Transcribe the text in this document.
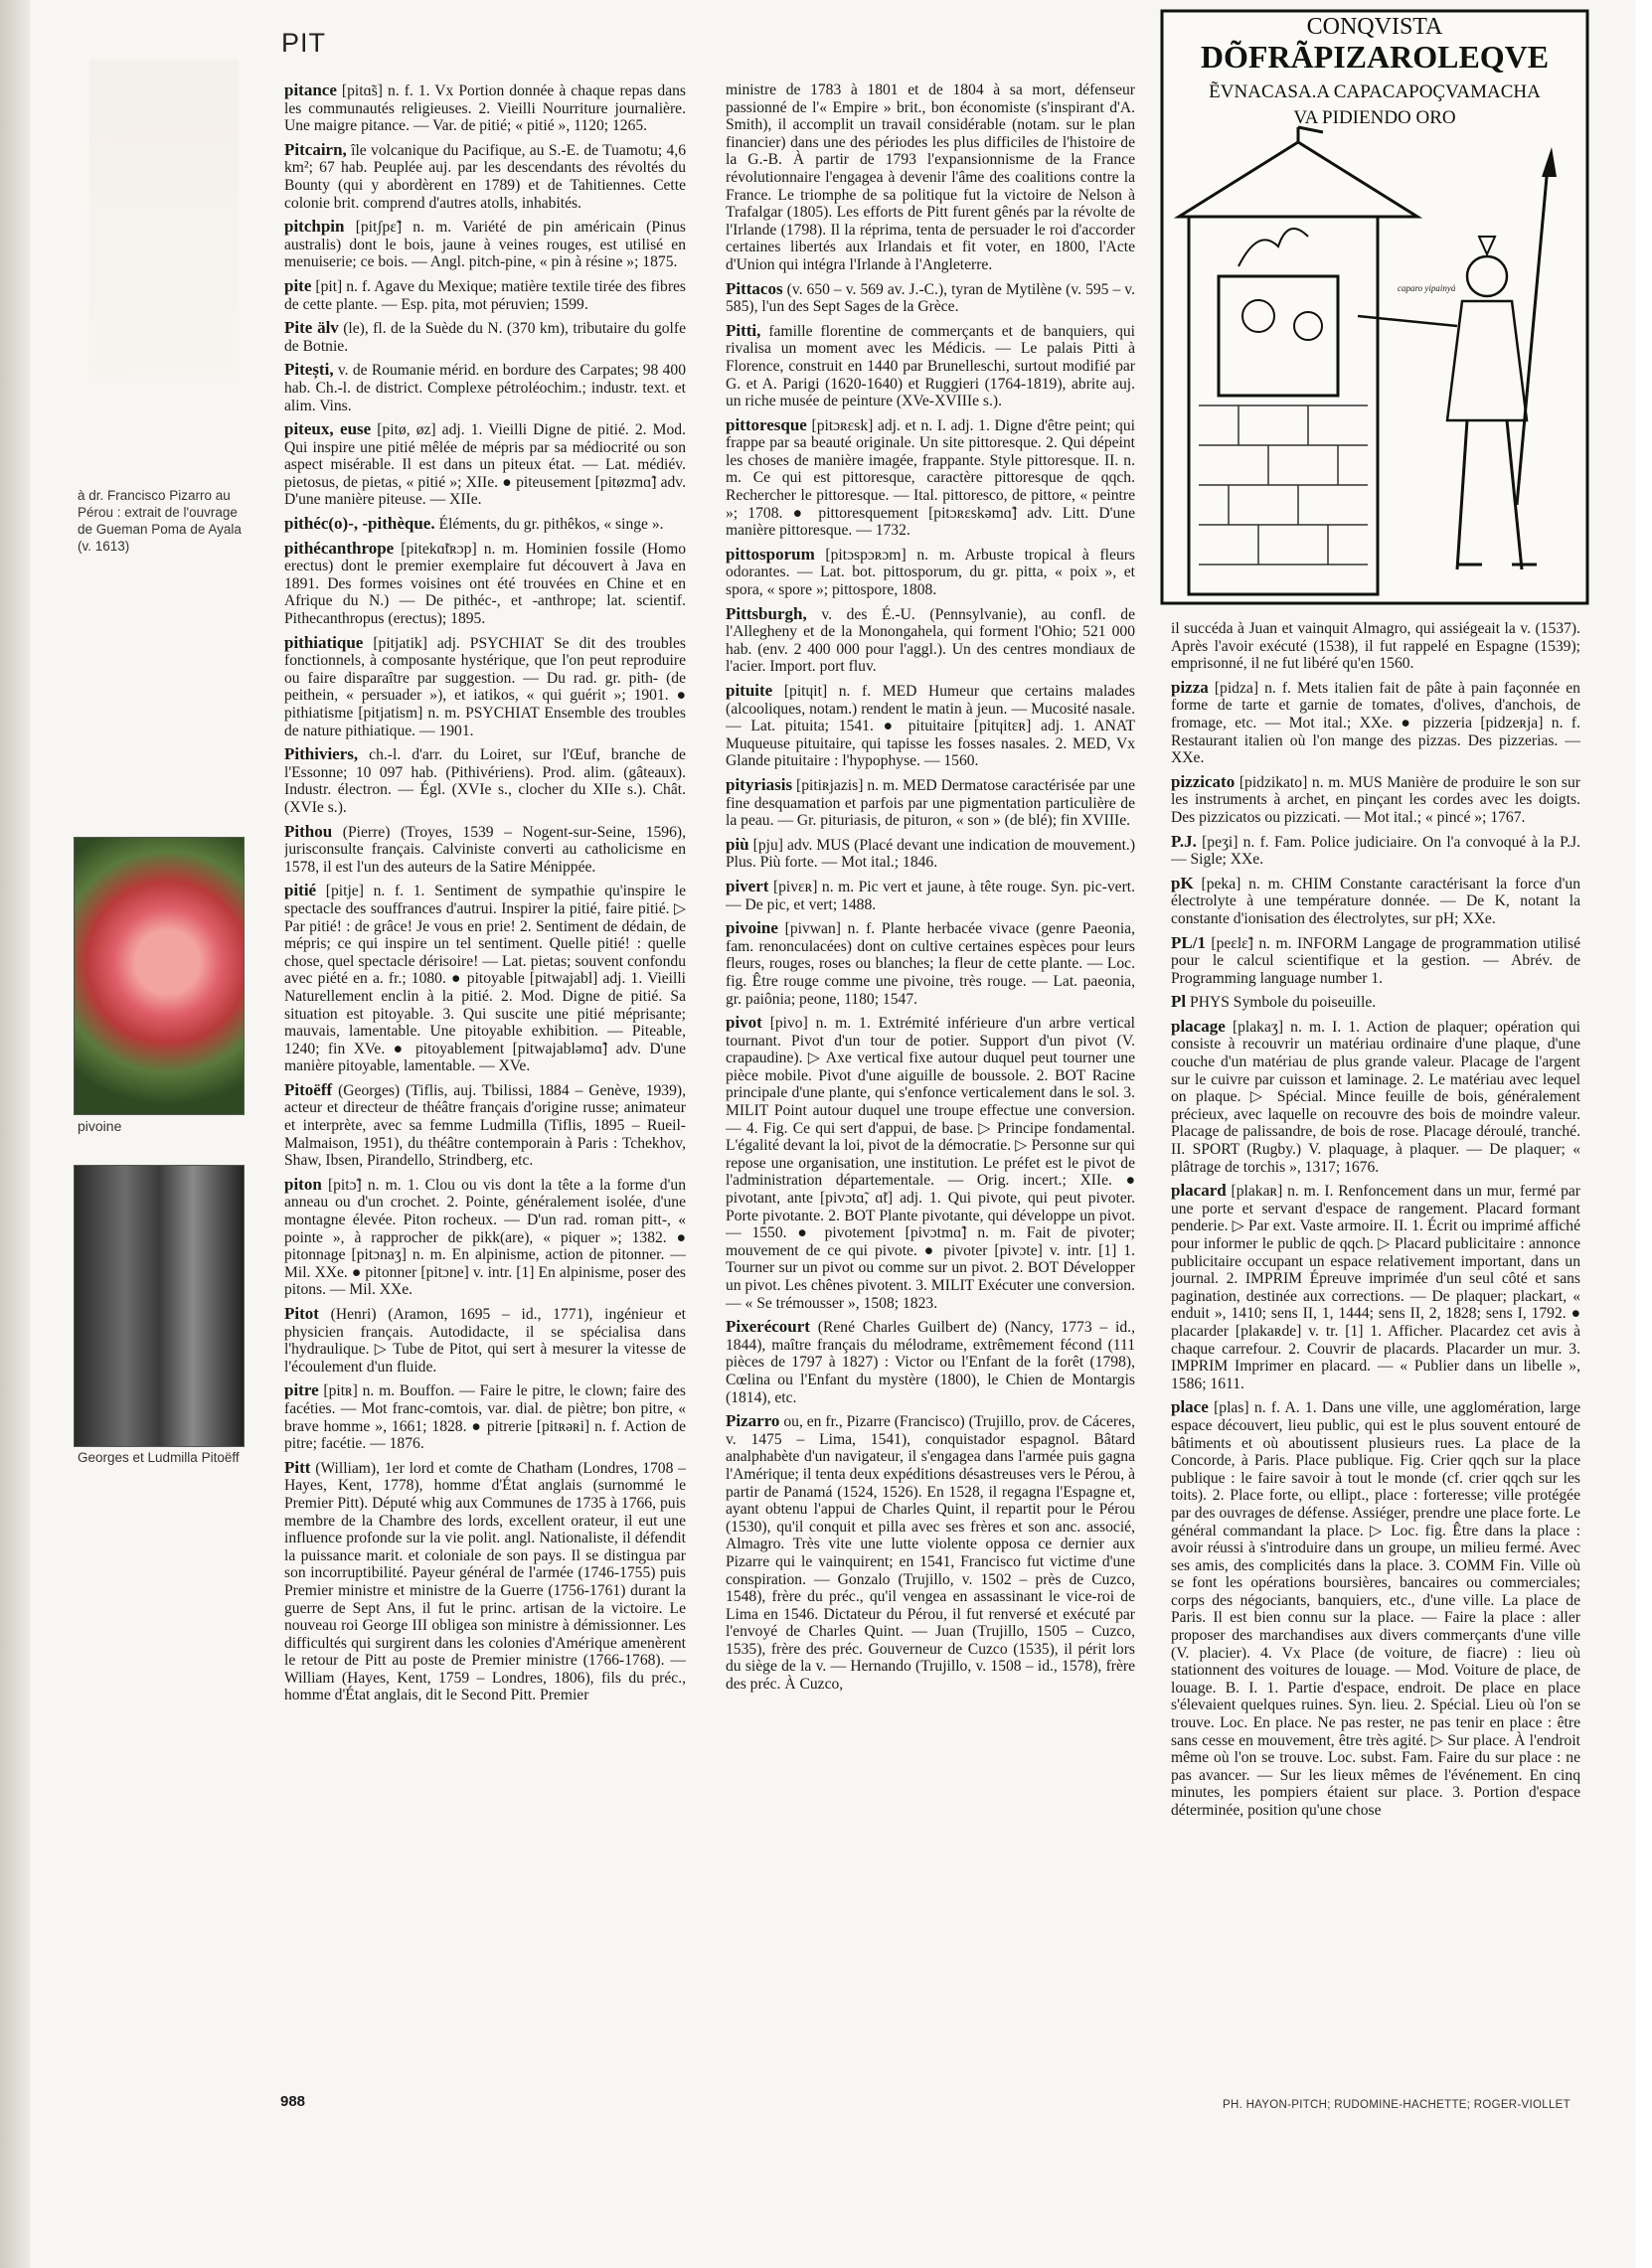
PIT
à dr. Francisco Pizarro au Pérou : extrait de l'ouvrage de Gueman Poma de Ayala (v. 1613)
pivoine
Georges et Ludmilla Pitoëff

pitance [pitɑ̃s] n. f. 1. Vx Portion donnée à chaque repas dans les communautés religieuses. 2. Vieilli Nourriture journalière. Une maigre pitance. — Var. de pitié; « pitié », 1120; 1265.

Pitcairn, île volcanique du Pacifique, au S.-E. de Tuamotu; 4,6 km²; 67 hab. Peuplée auj. par les descendants des révoltés du Bounty (qui y abordèrent en 1789) et de Tahitiennes. Cette colonie brit. comprend d'autres atolls, inhabités.

pitchpin [pitʃpɛ̃] n. m. Variété de pin américain (Pinus australis) dont le bois, jaune à veines rouges, est utilisé en menuiserie; ce bois. — Angl. pitch-pine, « pin à résine »; 1875.

pite [pit] n. f. Agave du Mexique; matière textile tirée des fibres de cette plante. — Esp. pita, mot péruvien; 1599.

Pite älv (le), fl. de la Suède du N. (370 km), tributaire du golfe de Botnie.

Pitești, v. de Roumanie mérid. en bordure des Carpates; 98 400 hab. Ch.-l. de district. Complexe pétroléochim.; industr. text. et alim. Vins.

piteux, euse [pitø, øz] adj. 1. Vieilli Digne de pitié. 2. Mod. Qui inspire une pitié mêlée de mépris par sa médiocrité ou son aspect misérable. Il est dans un piteux état. — Lat. médiév. pietosus, de pietas, « pitié »; XIIe. ● piteusement [pitøzmɑ̃] adv. D'une manière piteuse. — XIIe.

pithéc(o)-, -pithèque. Éléments, du gr. pithêkos, « singe ».

pithécanthrope [pitekɑ̃tʀɔp] n. m. Hominien fossile (Homo erectus) dont le premier exemplaire fut découvert à Java en 1891. Des formes voisines ont été trouvées en Chine et en Afrique du N.) — De pithéc-, et -anthrope; lat. scientif. Pithecanthropus (erectus); 1895.

pithiatique [pitjatik] adj. PSYCHIAT Se dit des troubles fonctionnels, à composante hystérique, que l'on peut reproduire ou faire disparaître par suggestion. — Du rad. gr. pith- (de peithein, « persuader »), et iatikos, « qui guérit »; 1901. ● pithiatisme [pitjatism] n. m. PSYCHIAT Ensemble des troubles de nature pithiatique. — 1901.

Pithiviers, ch.-l. d'arr. du Loiret, sur l'Œuf, branche de l'Essonne; 10 097 hab. (Pithivériens). Prod. alim. (gâteaux). Industr. électron. — Égl. (XVIe s., clocher du XIIe s.). Chât. (XVIe s.).

Pithou (Pierre) (Troyes, 1539 – Nogent-sur-Seine, 1596), jurisconsulte français. Calviniste converti au catholicisme en 1578, il est l'un des auteurs de la Satire Ménippée.

pitié [pitje] n. f. 1. Sentiment de sympathie qu'inspire le spectacle des souffrances d'autrui. Inspirer la pitié, faire pitié. ▷ Par pitié! : de grâce! Je vous en prie! 2. Sentiment de dédain, de mépris; ce qui inspire un tel sentiment. Quelle pitié! : quelle chose, quel spectacle dérisoire! — Lat. pietas; souvent confondu avec piété en a. fr.; 1080. ● pitoyable [pitwajabl] adj. 1. Vieilli Naturellement enclin à la pitié. 2. Mod. Digne de pitié. Sa situation est pitoyable. 3. Qui suscite une pitié méprisante; mauvais, lamentable. Une pitoyable exhibition. — Piteable, 1240; fin XVe. ● pitoyablement [pitwajabləmɑ̃] adv. D'une manière pitoyable, lamentable. — XVe.

Pitoëff (Georges) (Tiflis, auj. Tbilissi, 1884 – Genève, 1939), acteur et directeur de théâtre français d'origine russe; animateur et interprète, avec sa femme Ludmilla (Tiflis, 1895 – Rueil-Malmaison, 1951), du théâtre contemporain à Paris : Tchekhov, Shaw, Ibsen, Pirandello, Strindberg, etc.

piton [pitɔ̃] n. m. 1. Clou ou vis dont la tête a la forme d'un anneau ou d'un crochet. 2. Pointe, généralement isolée, d'une montagne élevée. Piton rocheux. — D'un rad. roman pitt-, « pointe », à rapprocher de pikk(are), « piquer »; 1382. ● pitonnage [pitɔnaʒ] n. m. En alpinisme, action de pitonner. — Mil. XXe. ● pitonner [pitɔne] v. intr. [1] En alpinisme, poser des pitons. — Mil. XXe.

Pitot (Henri) (Aramon, 1695 – id., 1771), ingénieur et physicien français. Autodidacte, il se spécialisa dans l'hydraulique. ▷ Tube de Pitot, qui sert à mesurer la vitesse de l'écoulement d'un fluide.

pitre [pitʀ] n. m. Bouffon. — Faire le pitre, le clown; faire des facéties. — Mot franc-comtois, var. dial. de piètre; bon pitre, « brave homme », 1661; 1828. ● pitrerie [pitʀəʀi] n. f. Action de pitre; facétie. — 1876.

Pitt (William), 1er lord et comte de Chatham (Londres, 1708 – Hayes, Kent, 1778), homme d'État anglais (surnommé le Premier Pitt). Député whig aux Communes de 1735 à 1766, puis membre de la Chambre des lords, excellent orateur, il eut une influence profonde sur la vie polit. angl. Nationaliste, il défendit la puissance marit. et coloniale de son pays. Il se distingua par son incorruptibilité. Payeur général de l'armée (1746-1755) puis Premier ministre et ministre de la Guerre (1756-1761) durant la guerre de Sept Ans, il fut le princ. artisan de la victoire. Le nouveau roi George III obligea son ministre à démissionner. Les difficultés qui surgirent dans les colonies d'Amérique amenèrent le retour de Pitt au poste de Premier ministre (1766-1768). — William (Hayes, Kent, 1759 – Londres, 1806), fils du préc., homme d'État anglais, dit le Second Pitt. Premier

ministre de 1783 à 1801 et de 1804 à sa mort, défenseur passionné de l'« Empire » brit., bon économiste (s'inspirant d'A. Smith), il accomplit un travail considérable (notam. sur le plan financier) dans une des périodes les plus difficiles de l'histoire de la G.-B. À partir de 1793 l'expansionnisme de la France révolutionnaire l'engagea à devenir l'âme des coalitions contre la France. Le triomphe de sa politique fut la victoire de Nelson à Trafalgar (1805). Les efforts de Pitt furent gênés par la révolte de l'Irlande (1798). Il la réprima, tenta de persuader le roi d'accorder certaines libertés aux Irlandais et fit voter, en 1800, l'Acte d'Union qui intégra l'Irlande à l'Angleterre.

Pittacos (v. 650 – v. 569 av. J.-C.), tyran de Mytilène (v. 595 – v. 585), l'un des Sept Sages de la Grèce.

Pitti, famille florentine de commerçants et de banquiers, qui rivalisa un moment avec les Médicis. — Le palais Pitti à Florence, construit en 1440 par Brunelleschi, surtout modifié par G. et A. Parigi (1620-1640) et Ruggieri (1764-1819), abrite auj. un riche musée de peinture (XVe-XVIIIe s.).

pittoresque [pitɔʀɛsk] adj. et n. I. adj. 1. Digne d'être peint; qui frappe par sa beauté originale. Un site pittoresque. 2. Qui dépeint les choses de manière imagée, frappante. Style pittoresque. II. n. m. Ce qui est pittoresque, caractère pittoresque de qqch. Rechercher le pittoresque. — Ital. pittoresco, de pittore, « peintre »; 1708. ● pittoresquement [pitɔʀɛskəmɑ̃] adv. Litt. D'une manière pittoresque. — 1732.

pittosporum [pitɔspɔʀɔm] n. m. Arbuste tropical à fleurs odorantes. — Lat. bot. pittosporum, du gr. pitta, « poix », et spora, « spore »; pittospore, 1808.

Pittsburgh, v. des É.-U. (Pennsylvanie), au confl. de l'Allegheny et de la Monongahela, qui forment l'Ohio; 521 000 hab. (env. 2 400 000 pour l'aggl.). Un des centres mondiaux de l'acier. Import. port fluv.

pituite [pitɥit] n. f. MED Humeur que certains malades (alcooliques, notam.) rendent le matin à jeun. — Mucosité nasale. — Lat. pituita; 1541. ● pituitaire [pitɥitɛʀ] adj. 1. ANAT Muqueuse pituitaire, qui tapisse les fosses nasales. 2. MED, Vx Glande pituitaire : l'hypophyse. — 1560.

pityriasis [pitiʀjazis] n. m. MED Dermatose caractérisée par une fine desquamation et parfois par une pigmentation particulière de la peau. — Gr. pituriasis, de pituron, « son » (de blé); fin XVIIIe.

più [pju] adv. MUS (Placé devant une indication de mouvement.) Plus. Più forte. — Mot ital.; 1846.

pivert [pivɛʀ] n. m. Pic vert et jaune, à tête rouge. Syn. pic-vert. — De pic, et vert; 1488.

pivoine [pivwan] n. f. Plante herbacée vivace (genre Paeonia, fam. renonculacées) dont on cultive certaines espèces pour leurs fleurs, rouges, roses ou blanches; la fleur de cette plante. — Loc. fig. Être rouge comme une pivoine, très rouge. — Lat. paeonia, gr. paiônia; peone, 1180; 1547.

pivot [pivo] n. m. 1. Extrémité inférieure d'un arbre vertical tournant. Pivot d'un tour de potier. Support d'un pivot (V. crapaudine). ▷ Axe vertical fixe autour duquel peut tourner une pièce mobile. Pivot d'une aiguille de boussole. 2. BOT Racine principale d'une plante, qui s'enfonce verticalement dans le sol. 3. MILIT Point autour duquel une troupe effectue une conversion. — 4. Fig. Ce qui sert d'appui, de base. ▷ Principe fondamental. L'égalité devant la loi, pivot de la démocratie. ▷ Personne sur qui repose une organisation, une institution. Le préfet est le pivot de l'administration départementale. — Orig. incert.; XIIe. ● pivotant, ante [pivɔtɑ̃, ɑ̃t] adj. 1. Qui pivote, qui peut pivoter. Porte pivotante. 2. BOT Plante pivotante, qui développe un pivot. — 1550. ● pivotement [pivɔtmɑ̃] n. m. Fait de pivoter; mouvement de ce qui pivote. ● pivoter [pivɔte] v. intr. [1] 1. Tourner sur un pivot ou comme sur un pivot. 2. BOT Développer un pivot. Les chênes pivotent. 3. MILIT Exécuter une conversion. — « Se trémousser », 1508; 1823.

Pixerécourt (René Charles Guilbert de) (Nancy, 1773 – id., 1844), maître français du mélodrame, extrêmement fécond (111 pièces de 1797 à 1827) : Victor ou l'Enfant de la forêt (1798), Cœlina ou l'Enfant du mystère (1800), le Chien de Montargis (1814), etc.

Pizarro ou, en fr., Pizarre (Francisco) (Trujillo, prov. de Cáceres, v. 1475 – Lima, 1541), conquistador espagnol. Bâtard analphabète d'un navigateur, il s'engagea dans l'armée puis gagna l'Amérique; il tenta deux expéditions désastreuses vers le Pérou, à partir de Panamá (1524, 1526). En 1528, il regagna l'Espagne et, ayant obtenu l'appui de Charles Quint, il repartit pour le Pérou (1530), qu'il conquit et pilla avec ses frères et son anc. associé, Almagro. Très vite une lutte violente opposa ce dernier aux Pizarre qui le vainquirent; en 1541, Francisco fut victime d'une conspiration. — Gonzalo (Trujillo, v. 1502 – près de Cuzco, 1548), frère du préc., qu'il vengea en assassinant le vice-roi de Lima en 1546. Dictateur du Pérou, il fut renversé et exécuté par l'envoyé de Charles Quint. — Juan (Trujillo, 1505 – Cuzco, 1535), frère des préc. Gouverneur de Cuzco (1535), il périt lors du siège de la v. — Hernando (Trujillo, v. 1508 – id., 1578), frère des préc. À Cuzco,

il succéda à Juan et vainquit Almagro, qui assiégeait la v. (1537). Après l'avoir exécuté (1538), il fut rappelé en Espagne (1539); emprisonné, il ne fut libéré qu'en 1560.

pizza [pidza] n. f. Mets italien fait de pâte à pain façonnée en forme de tarte et garnie de tomates, d'olives, d'anchois, de fromage, etc. — Mot ital.; XXe. ● pizzeria [pidzeʀja] n. f. Restaurant italien où l'on mange des pizzas. Des pizzerias. — XXe.

pizzicato [pidzikato] n. m. MUS Manière de produire le son sur les instruments à archet, en pinçant les cordes avec les doigts. Des pizzicatos ou pizzicati. — Mot ital.; « pincé »; 1767.

P.J. [peʒi] n. f. Fam. Police judiciaire. On l'a convoqué à la P.J. — Sigle; XXe.

pK [peka] n. m. CHIM Constante caractérisant la force d'un électrolyte à une température donnée. — De K, notant la constante d'ionisation des électrolytes, sur pH; XXe.

PL/1 [peɛlɛ̃] n. m. INFORM Langage de programmation utilisé pour le calcul scientifique et la gestion. — Abrév. de Programming language number 1.

Pl PHYS Symbole du poiseuille.

placage [plakaʒ] n. m. I. 1. Action de plaquer; opération qui consiste à recouvrir un matériau ordinaire d'une plaque, d'une couche d'un matériau de plus grande valeur. Placage de l'argent sur le cuivre par cuisson et laminage. 2. Le matériau avec lequel on plaque. ▷ Spécial. Mince feuille de bois, généralement précieux, avec laquelle on recouvre des bois de moindre valeur. Placage de palissandre, de bois de rose. Placage déroulé, tranché. II. SPORT (Rugby.) V. plaquage, à plaquer. — De plaquer; « plâtrage de torchis », 1317; 1676.

placard [plakaʀ] n. m. I. Renfoncement dans un mur, fermé par une porte et servant d'espace de rangement. Placard formant penderie. ▷ Par ext. Vaste armoire. II. 1. Écrit ou imprimé affiché pour informer le public de qqch. ▷ Placard publicitaire : annonce publicitaire occupant un espace relativement important, dans un journal. 2. IMPRIM Épreuve imprimée d'un seul côté et sans pagination, destinée aux corrections. — De plaquer; plackart, « enduit », 1410; sens II, 1, 1444; sens II, 2, 1828; sens I, 1792. ● placarder [plakaʀde] v. tr. [1] 1. Afficher. Placardez cet avis à chaque carrefour. 2. Couvrir de placards. Placarder un mur. 3. IMPRIM Imprimer en placard. — « Publier dans un libelle », 1586; 1611.

place [plas] n. f. A. 1. Dans une ville, une agglomération, large espace découvert, lieu public, qui est le plus souvent entouré de bâtiments et où aboutissent plusieurs rues. La place de la Concorde, à Paris. Place publique. Fig. Crier qqch sur la place publique : le faire savoir à tout le monde (cf. crier qqch sur les toits). 2. Place forte, ou ellipt., place : forteresse; ville protégée par des ouvrages de défense. Assiéger, prendre une place forte. Le général commandant la place. ▷ Loc. fig. Être dans la place : avoir réussi à s'introduire dans un groupe, un milieu fermé. Avec ses amis, des complicités dans la place. 3. COMM Fin. Ville où se font les opérations boursières, bancaires ou commerciales; corps des négociants, banquiers, etc., d'une ville. La place de Paris. Il est bien connu sur la place. — Faire la place : aller proposer des marchandises aux divers commerçants d'une ville (V. placier). 4. Vx Place (de voiture, de fiacre) : lieu où stationnent des voitures de louage. — Mod. Voiture de place, de louage. B. I. 1. Partie d'espace, endroit. De place en place s'élevaient quelques ruines. Syn. lieu. 2. Spécial. Lieu où l'on se trouve. Loc. En place. Ne pas rester, ne pas tenir en place : être sans cesse en mouvement, être très agité. ▷ Sur place. À l'endroit même où l'on se trouve. Loc. subst. Fam. Faire du sur place : ne pas avancer. — Sur les lieux mêmes de l'événement. En cinq minutes, les pompiers étaient sur place. 3. Portion d'espace déterminée, position qu'une chose

CONQVISTA
DÕFRÃPIZAROLEQVE
ẼVNACASA.A CAPACAPOÇVAMACHA
VA PIDIENDO ORO
caparo yipainyá
988	PH. HAYON-PITCH; RUDOMINE-HACHETTE; ROGER-VIOLLET
